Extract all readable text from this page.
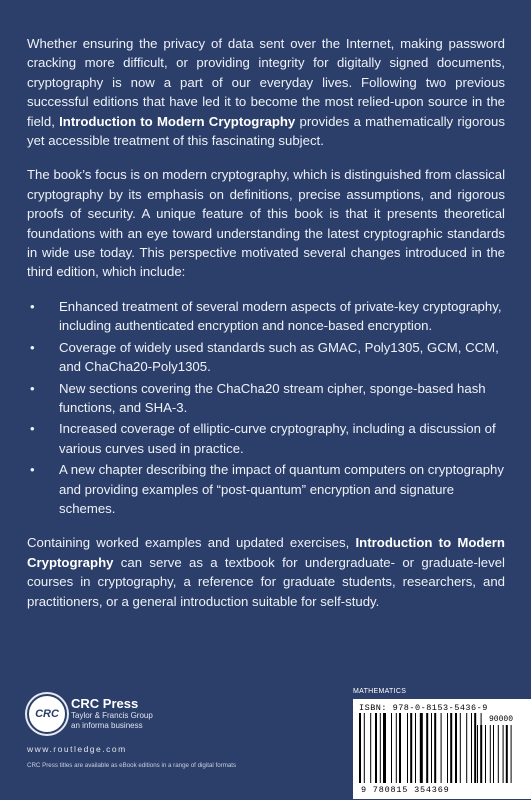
Whether ensuring the privacy of data sent over the Internet, making password cracking more difficult, or providing integrity for digitally signed documents, cryptography is now a part of our everyday lives. Following two previous successful editions that have led it to become the most relied-upon source in the field, Introduction to Modern Cryptography provides a mathematically rigorous yet accessible treatment of this fascinating subject.

The book’s focus is on modern cryptography, which is distinguished from classical cryptography by its emphasis on definitions, precise assumptions, and rigorous proofs of security. A unique feature of this book is that it presents theoretical foundations with an eye toward understanding the latest cryptographic standards in wide use today. This perspective motivated several changes introduced in the third edition, which include:

• Enhanced treatment of several modern aspects of private-key cryptography, including authenticated encryption and nonce-based encryption.
• Coverage of widely used standards such as GMAC, Poly1305, GCM, CCM, and ChaCha20-Poly1305.
• New sections covering the ChaCha20 stream cipher, sponge-based hash functions, and SHA-3.
• Increased coverage of elliptic-curve cryptography, including a discussion of various curves used in practice.
• A new chapter describing the impact of quantum computers on cryptography and providing examples of “post-quantum” encryption and signature schemes.

Containing worked examples and updated exercises, Introduction to Modern Cryptography can serve as a textbook for undergraduate- or graduate-level courses in cryptography, a reference for graduate students, researchers, and practitioners, or a general introduction suitable for self-study.

CRC
CRC Press
Taylor & Francis Group
an informa business
www.routledge.com
CRC Press titles are available as eBook editions in a range of digital formats
MATHEMATICS
ISBN: 978-0-8153-5436-9
90000
9 780815 354369
